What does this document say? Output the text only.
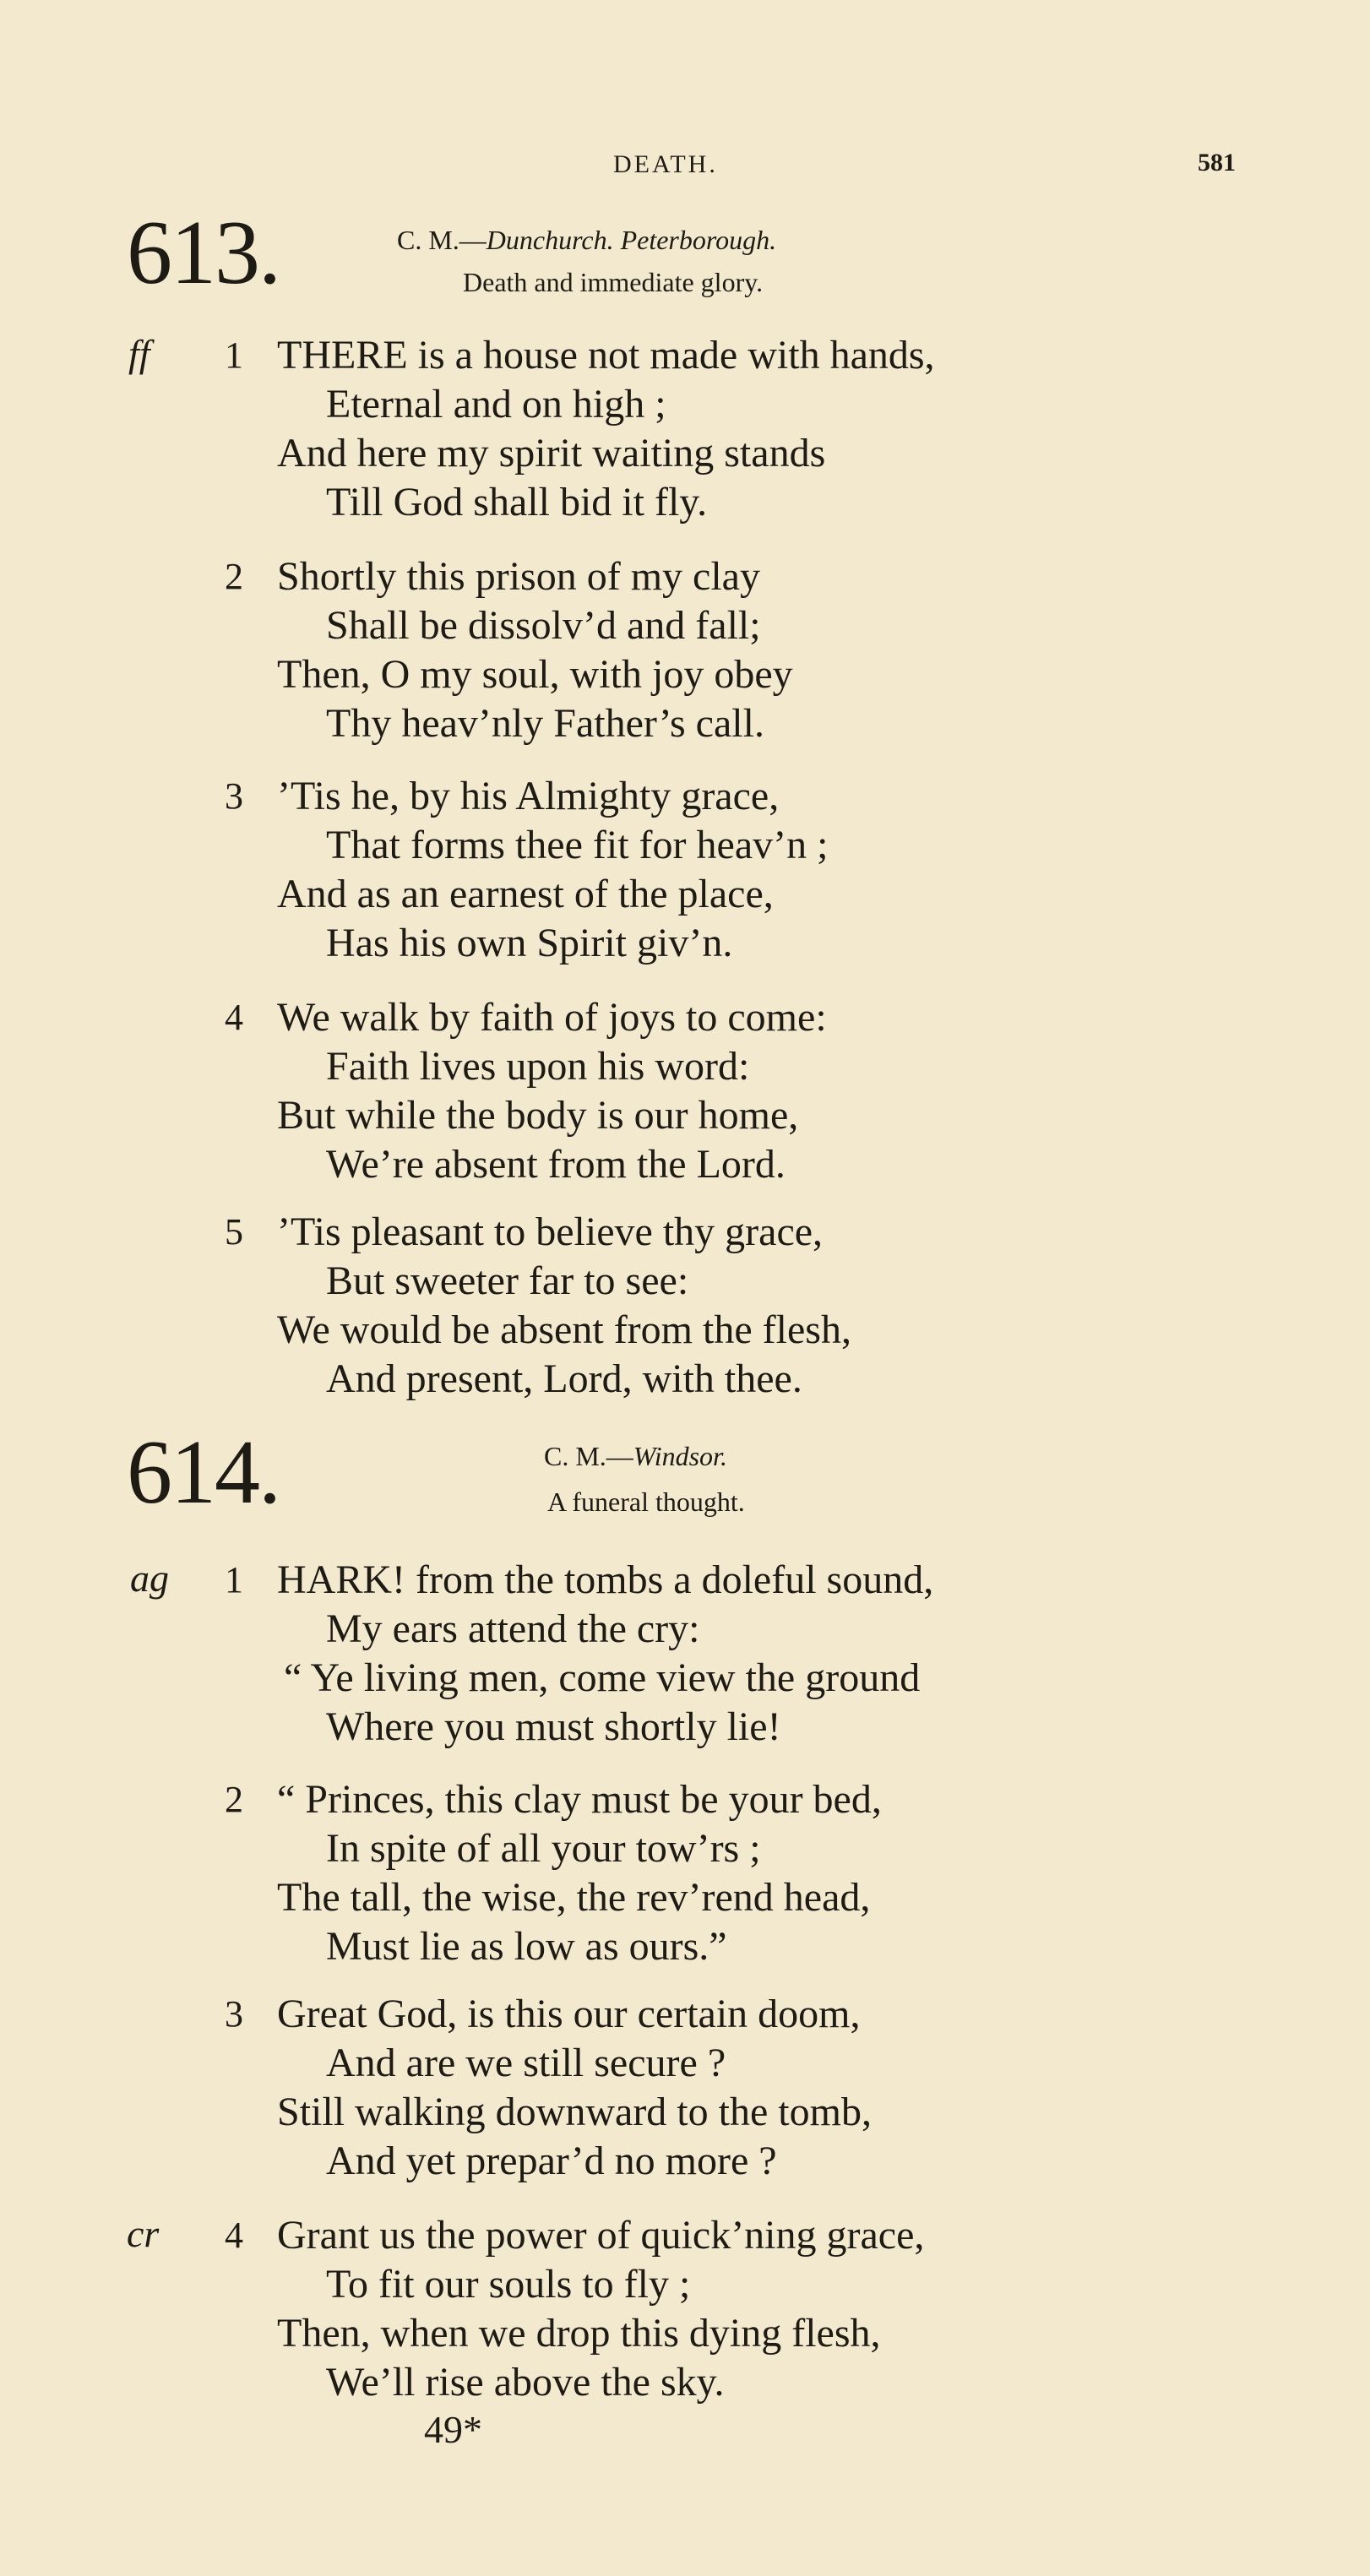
DEATH.	581
613.	C. M.—Dunchurch. Peterborough.
Death and immediate glory.
ff 1 THERE is a house not made with hands,
Eternal and on high ;
And here my spirit waiting stands
Till God shall bid it fly.
2 Shortly this prison of my clay
Shall be dissolv’d and fall;
Then, O my soul, with joy obey
Thy heav’nly Father’s call.
3 ’Tis he, by his Almighty grace,
That forms thee fit for heav’n ;
And as an earnest of the place,
Has his own Spirit giv’n.
4 We walk by faith of joys to come:
Faith lives upon his word:
But while the body is our home,
We’re absent from the Lord.
5 ’Tis pleasant to believe thy grace,
But sweeter far to see:
We would be absent from the flesh,
And present, Lord, with thee.
614.	C. M.—Windsor.
A funeral thought.
ag 1 HARK! from the tombs a doleful sound,
My ears attend the cry:
“ Ye living men, come view the ground
Where you must shortly lie!
2 “ Princes, this clay must be your bed,
In spite of all your tow’rs ;
The tall, the wise, the rev’rend head,
Must lie as low as ours.”
3 Great God, is this our certain doom,
And are we still secure ?
Still walking downward to the tomb,
And yet prepar’d no more ?
cr 4 Grant us the power of quick’ning grace,
To fit our souls to fly ;
Then, when we drop this dying flesh,
We’ll rise above the sky.
49*
